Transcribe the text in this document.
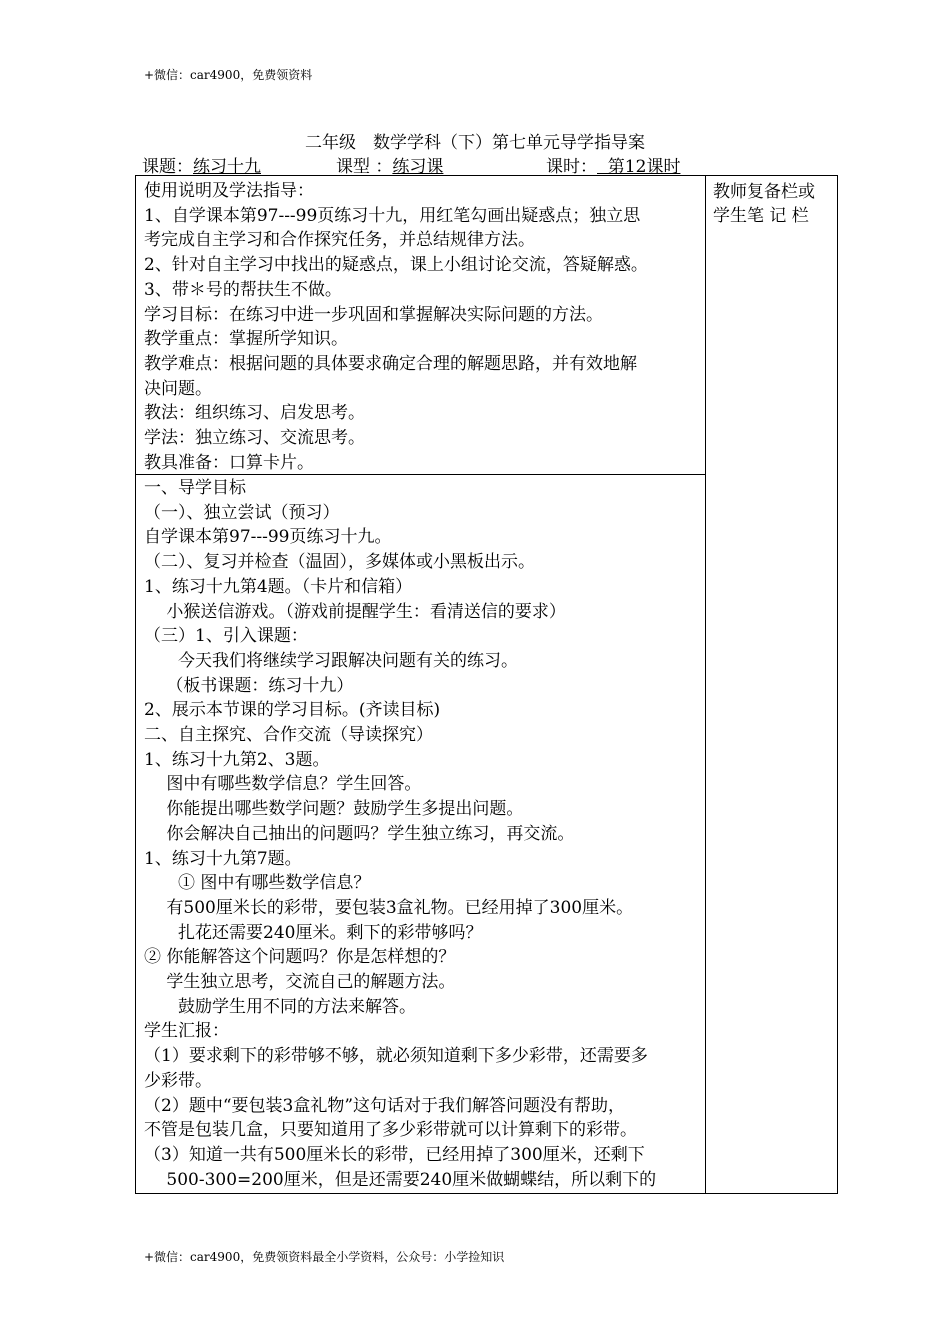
+微信：car4900，免费领资料
二年级　数学学科（下）第七单元导学指导案
课题：练习十九	课型 ：练习课	课时：  第12课时
教师复备栏或
学生笔 记 栏
使用说明及学法指导：
1、自学课本第97---99页练习十九，用红笔勾画出疑惑点；独立思
考完成自主学习和合作探究任务，并总结规律方法。
2、针对自主学习中找出的疑惑点，课上小组讨论交流，答疑解惑。
3、带＊号的帮扶生不做。
学习目标：在练习中进一步巩固和掌握解决实际问题的方法。
教学重点：掌握所学知识。
教学难点：根据问题的具体要求确定合理的解题思路，并有效地解
决问题。
教法：组织练习、启发思考。
学法：独立练习、交流思考。
教具准备：口算卡片。
一、导学目标
（一）、独立尝试（预习）
自学课本第97---99页练习十九。
（二）、复习并检查（温固），多媒体或小黑板出示。
1、练习十九第4题。（卡片和信箱）
　 小猴送信游戏。（游戏前提醒学生：看清送信的要求）
（三）1、引入课题：
　　今天我们将继续学习跟解决问题有关的练习。
　 （板书课题：练习十九）
2、展示本节课的学习目标。(齐读目标)
二、自主探究、合作交流（导读探究）
1、练习十九第2、3题。
　 图中有哪些数学信息？学生回答。
　 你能提出哪些数学问题？鼓励学生多提出问题。
　 你会解决自己抽出的问题吗？学生独立练习，再交流。
1、练习十九第7题。
　　① 图中有哪些数学信息？
　 有500厘米长的彩带，要包装3盒礼物。已经用掉了300厘米。
　　扎花还需要240厘米。剩下的彩带够吗？
② 你能解答这个问题吗？你是怎样想的？
　 学生独立思考，交流自己的解题方法。
　　鼓励学生用不同的方法来解答。
学生汇报：
（1）要求剩下的彩带够不够，就必须知道剩下多少彩带，还需要多
少彩带。
（2）题中“要包装3盒礼物”这句话对于我们解答问题没有帮助，
不管是包装几盒，只要知道用了多少彩带就可以计算剩下的彩带。
（3）知道一共有500厘米长的彩带，已经用掉了300厘米，还剩下
　 500-300=200厘米，但是还需要240厘米做蝴蝶结，所以剩下的
+微信：car4900，免费领资料最全小学资料，公众号：小学捡知识
